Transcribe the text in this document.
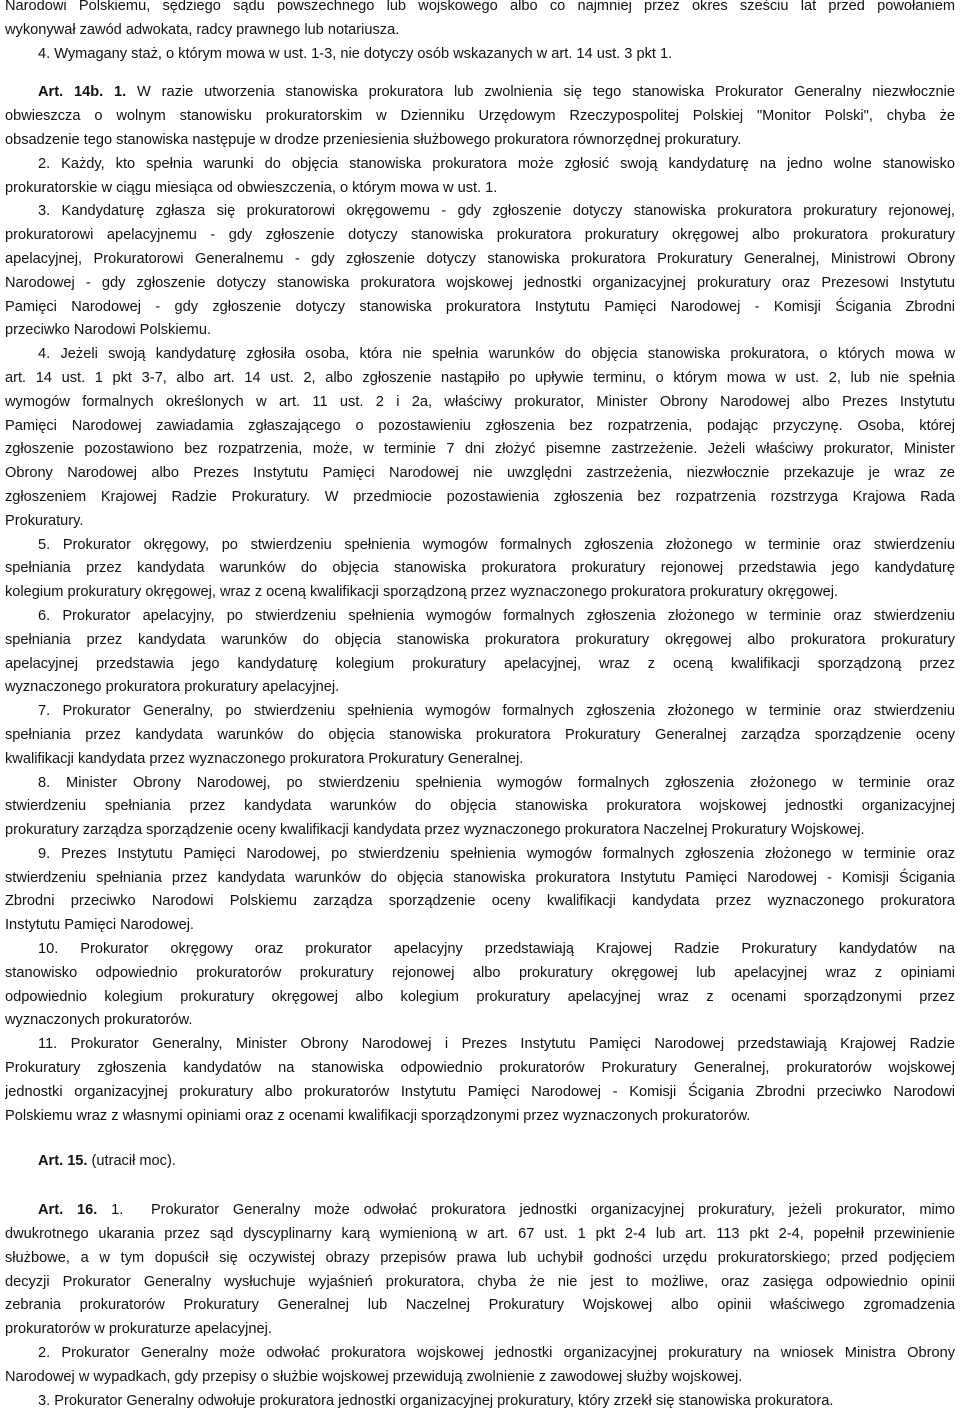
Narodowi Polskiemu, sędziego sądu powszechnego lub wojskowego albo co najmniej przez okres sześciu lat przed powołaniem
wykonywał zawód adwokata, radcy prawnego lub notariusza.
4. Wymagany staż, o którym mowa w ust. 1-3, nie dotyczy osób wskazanych w art. 14 ust. 3 pkt 1.
Art. 14b. 1. W razie utworzenia stanowiska prokuratora lub zwolnienia się tego stanowiska Prokurator Generalny niezwłocznie
obwieszcza o wolnym stanowisku prokuratorskim w Dzienniku Urzędowym Rzeczypospolitej Polskiej "Monitor Polski", chyba że
obsadzenie tego stanowiska następuje w drodze przeniesienia służbowego prokuratora równorzędnej prokuratury.
2. Każdy, kto spełnia warunki do objęcia stanowiska prokuratora może zgłosić swoją kandydaturę na jedno wolne stanowisko
prokuratorskie w ciągu miesiąca od obwieszczenia, o którym mowa w ust. 1.
3. Kandydaturę zgłasza się prokuratorowi okręgowemu - gdy zgłoszenie dotyczy stanowiska prokuratora prokuratury rejonowej,
prokuratorowi apelacyjnemu - gdy zgłoszenie dotyczy stanowiska prokuratora prokuratury okręgowej albo prokuratora prokuratury
apelacyjnej, Prokuratorowi Generalnemu - gdy zgłoszenie dotyczy stanowiska prokuratora Prokuratury Generalnej, Ministrowi Obrony
Narodowej - gdy zgłoszenie dotyczy stanowiska prokuratora wojskowej jednostki organizacyjnej prokuratury oraz Prezesowi Instytutu
Pamięci Narodowej - gdy zgłoszenie dotyczy stanowiska prokuratora Instytutu Pamięci Narodowej - Komisji Ścigania Zbrodni
przeciwko Narodowi Polskiemu.
4. Jeżeli swoją kandydaturę zgłosiła osoba, która nie spełnia warunków do objęcia stanowiska prokuratora, o których mowa w
art. 14 ust. 1 pkt 3-7, albo art. 14 ust. 2, albo zgłoszenie nastąpiło po upływie terminu, o którym mowa w ust. 2, lub nie spełnia
wymogów formalnych określonych w art. 11 ust. 2 i 2a, właściwy prokurator, Minister Obrony Narodowej albo Prezes Instytutu
Pamięci Narodowej zawiadamia zgłaszającego o pozostawieniu zgłoszenia bez rozpatrzenia, podając przyczynę. Osoba, której
zgłoszenie pozostawiono bez rozpatrzenia, może, w terminie 7 dni złożyć pisemne zastrzeżenie. Jeżeli właściwy prokurator, Minister
Obrony Narodowej albo Prezes Instytutu Pamięci Narodowej nie uwzględni zastrzeżenia, niezwłocznie przekazuje je wraz ze
zgłoszeniem Krajowej Radzie Prokuratury. W przedmiocie pozostawienia zgłoszenia bez rozpatrzenia rozstrzyga Krajowa Rada
Prokuratury.
5. Prokurator okręgowy, po stwierdzeniu spełnienia wymogów formalnych zgłoszenia złożonego w terminie oraz stwierdzeniu
spełniania przez kandydata warunków do objęcia stanowiska prokuratora prokuratury rejonowej przedstawia jego kandydaturę
kolegium prokuratury okręgowej, wraz z oceną kwalifikacji sporządzoną przez wyznaczonego prokuratora prokuratury okręgowej.
6. Prokurator apelacyjny, po stwierdzeniu spełnienia wymogów formalnych zgłoszenia złożonego w terminie oraz stwierdzeniu
spełniania przez kandydata warunków do objęcia stanowiska prokuratora prokuratury okręgowej albo prokuratora prokuratury
apelacyjnej przedstawia jego kandydaturę kolegium prokuratury apelacyjnej, wraz z oceną kwalifikacji sporządzoną przez
wyznaczonego prokuratora prokuratury apelacyjnej.
7. Prokurator Generalny, po stwierdzeniu spełnienia wymogów formalnych zgłoszenia złożonego w terminie oraz stwierdzeniu
spełniania przez kandydata warunków do objęcia stanowiska prokuratora Prokuratury Generalnej zarządza sporządzenie oceny
kwalifikacji kandydata przez wyznaczonego prokuratora Prokuratury Generalnej.
8. Minister Obrony Narodowej, po stwierdzeniu spełnienia wymogów formalnych zgłoszenia złożonego w terminie oraz
stwierdzeniu spełniania przez kandydata warunków do objęcia stanowiska prokuratora wojskowej jednostki organizacyjnej
prokuratury zarządza sporządzenie oceny kwalifikacji kandydata przez wyznaczonego prokuratora Naczelnej Prokuratury Wojskowej.
9. Prezes Instytutu Pamięci Narodowej, po stwierdzeniu spełnienia wymogów formalnych zgłoszenia złożonego w terminie oraz
stwierdzeniu spełniania przez kandydata warunków do objęcia stanowiska prokuratora Instytutu Pamięci Narodowej - Komisji Ścigania
Zbrodni przeciwko Narodowi Polskiemu zarządza sporządzenie oceny kwalifikacji kandydata przez wyznaczonego prokuratora
Instytutu Pamięci Narodowej.
10. Prokurator okręgowy oraz prokurator apelacyjny przedstawiają Krajowej Radzie Prokuratury kandydatów na
stanowisko odpowiednio prokuratorów prokuratury rejonowej albo prokuratury okręgowej lub apelacyjnej wraz z opiniami
odpowiednio kolegium prokuratury okręgowej albo kolegium prokuratury apelacyjnej wraz z ocenami sporządzonymi przez
wyznaczonych prokuratorów.
11. Prokurator Generalny, Minister Obrony Narodowej i Prezes Instytutu Pamięci Narodowej przedstawiają Krajowej Radzie
Prokuratury zgłoszenia kandydatów na stanowiska odpowiednio prokuratorów Prokuratury Generalnej, prokuratorów wojskowej
jednostki organizacyjnej prokuratury albo prokuratorów Instytutu Pamięci Narodowej - Komisji Ścigania Zbrodni przeciwko Narodowi
Polskiemu wraz z własnymi opiniami oraz z ocenami kwalifikacji sporządzonymi przez wyznaczonych prokuratorów.
Art. 15. (utracił moc).
Art. 16. 1. Prokurator Generalny może odwołać prokuratora jednostki organizacyjnej prokuratury, jeżeli prokurator, mimo
dwukrotnego ukarania przez sąd dyscyplinarny karą wymienioną w art. 67 ust. 1 pkt 2-4 lub art. 113 pkt 2-4, popełnił przewinienie
służbowe, a w tym dopuścił się oczywistej obrazy przepisów prawa lub uchybił godności urzędu prokuratorskiego; przed podjęciem
decyzji Prokurator Generalny wysłuchuje wyjaśnień prokuratora, chyba że nie jest to możliwe, oraz zasięga odpowiednio opinii
zebrania prokuratorów Prokuratury Generalnej lub Naczelnej Prokuratury Wojskowej albo opinii właściwego zgromadzenia
prokuratorów w prokuraturze apelacyjnej.
2. Prokurator Generalny może odwołać prokuratora wojskowej jednostki organizacyjnej prokuratury na wniosek Ministra Obrony
Narodowej w wypadkach, gdy przepisy o służbie wojskowej przewidują zwolnienie z zawodowej służby wojskowej.
3. Prokurator Generalny odwołuje prokuratora jednostki organizacyjnej prokuratury, który zrzekł się stanowiska prokuratora.
